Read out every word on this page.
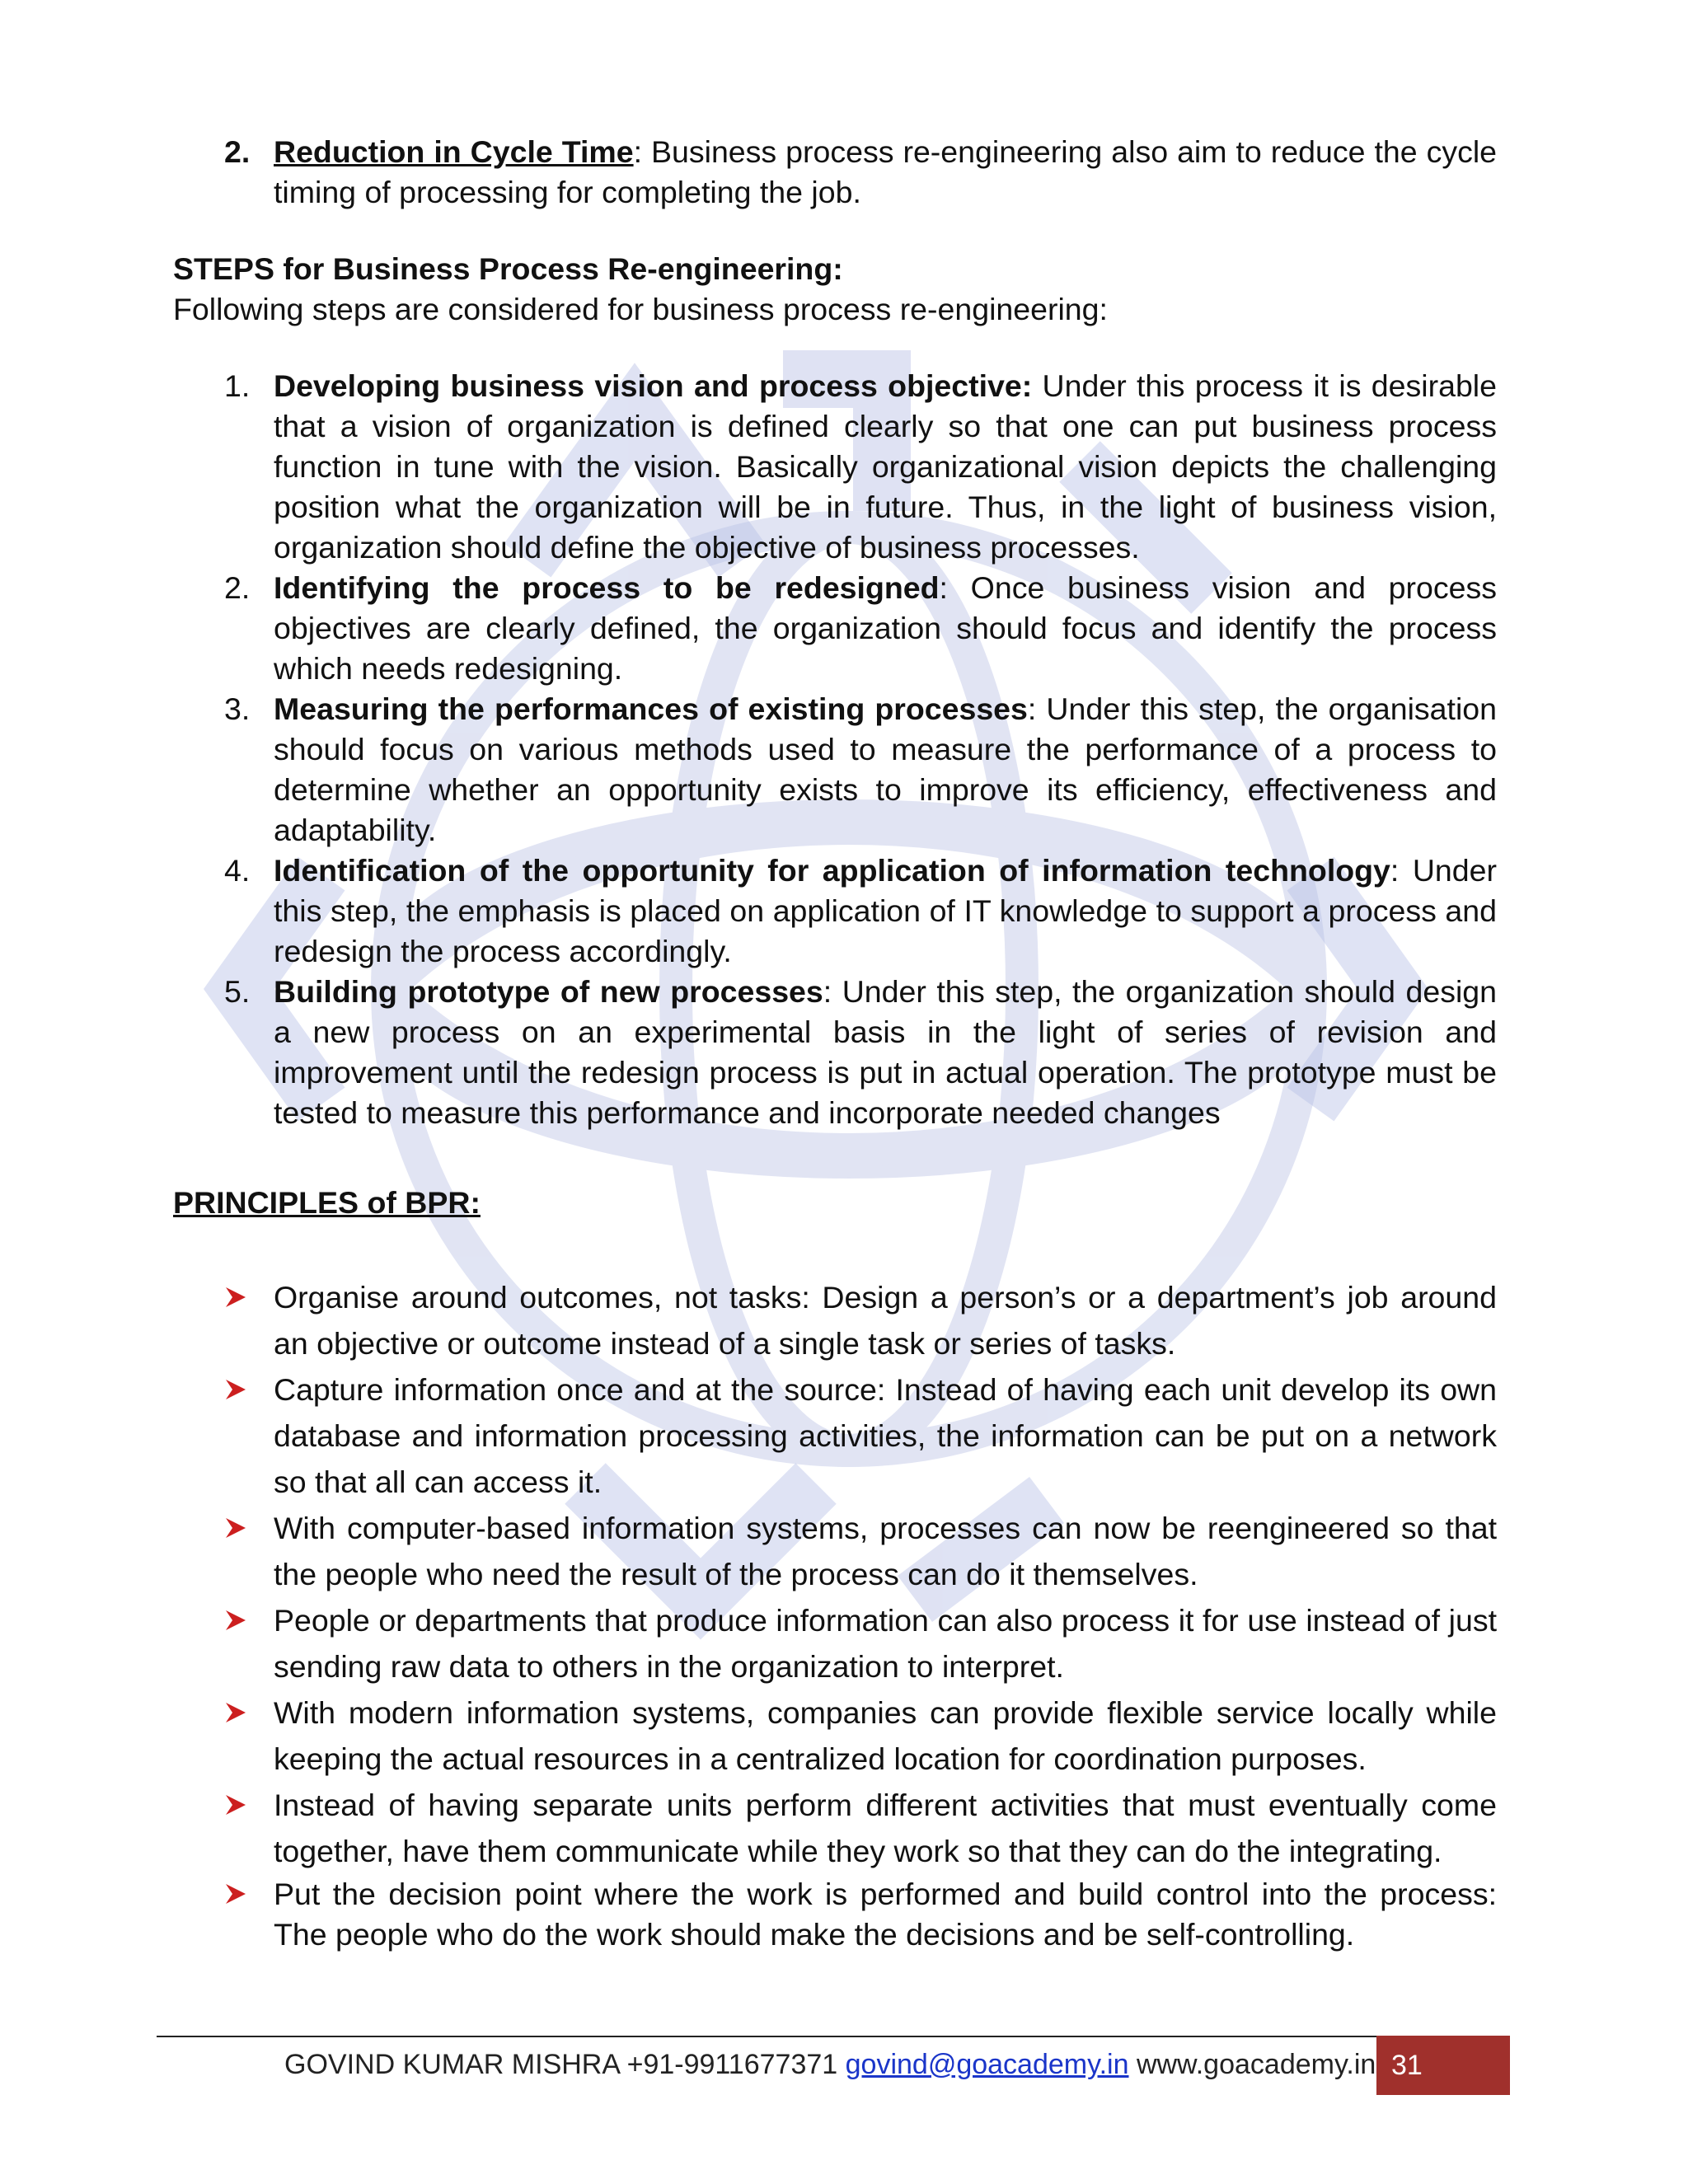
2. Reduction in Cycle Time: Business process re-engineering also aim to reduce the cycle timing of processing for completing the job.
STEPS for Business Process Re-engineering:
Following steps are considered for business process re-engineering:
1. Developing business vision and process objective: Under this process it is desirable that a vision of organization is defined clearly so that one can put business process function in tune with the vision. Basically organizational vision depicts the challenging position what the organization will be in future. Thus, in the light of business vision, organization should define the objective of business processes.
2. Identifying the process to be redesigned: Once business vision and process objectives are clearly defined, the organization should focus and identify the process which needs redesigning.
3. Measuring the performances of existing processes: Under this step, the organisation should focus on various methods used to measure the performance of a process to determine whether an opportunity exists to improve its efficiency, effectiveness and adaptability.
4. Identification of the opportunity for application of information technology: Under this step, the emphasis is placed on application of IT knowledge to support a process and redesign the process accordingly.
5. Building prototype of new processes: Under this step, the organization should design a new process on an experimental basis in the light of series of revision and improvement until the redesign process is put in actual operation. The prototype must be tested to measure this performance and incorporate needed changes
PRINCIPLES of BPR:
Organise around outcomes, not tasks: Design a person’s or a department’s job around an objective or outcome instead of a single task or series of tasks.
Capture information once and at the source: Instead of having each unit develop its own database and information processing activities, the information can be put on a network so that all can access it.
With computer-based information systems, processes can now be reengineered so that the people who need the result of the process can do it themselves.
People or departments that produce information can also process it for use instead of just sending raw data to others in the organization to interpret.
With modern information systems, companies can provide flexible service locally while keeping the actual resources in a centralized location for coordination purposes.
Instead of having separate units perform different activities that must eventually come together, have them communicate while they work so that they can do the integrating.
Put the decision point where the work is performed and build control into the process: The people who do the work should make the decisions and be self-controlling.
GOVIND KUMAR MISHRA +91-9911677371 govind@goacademy.in www.goacademy.in 31
